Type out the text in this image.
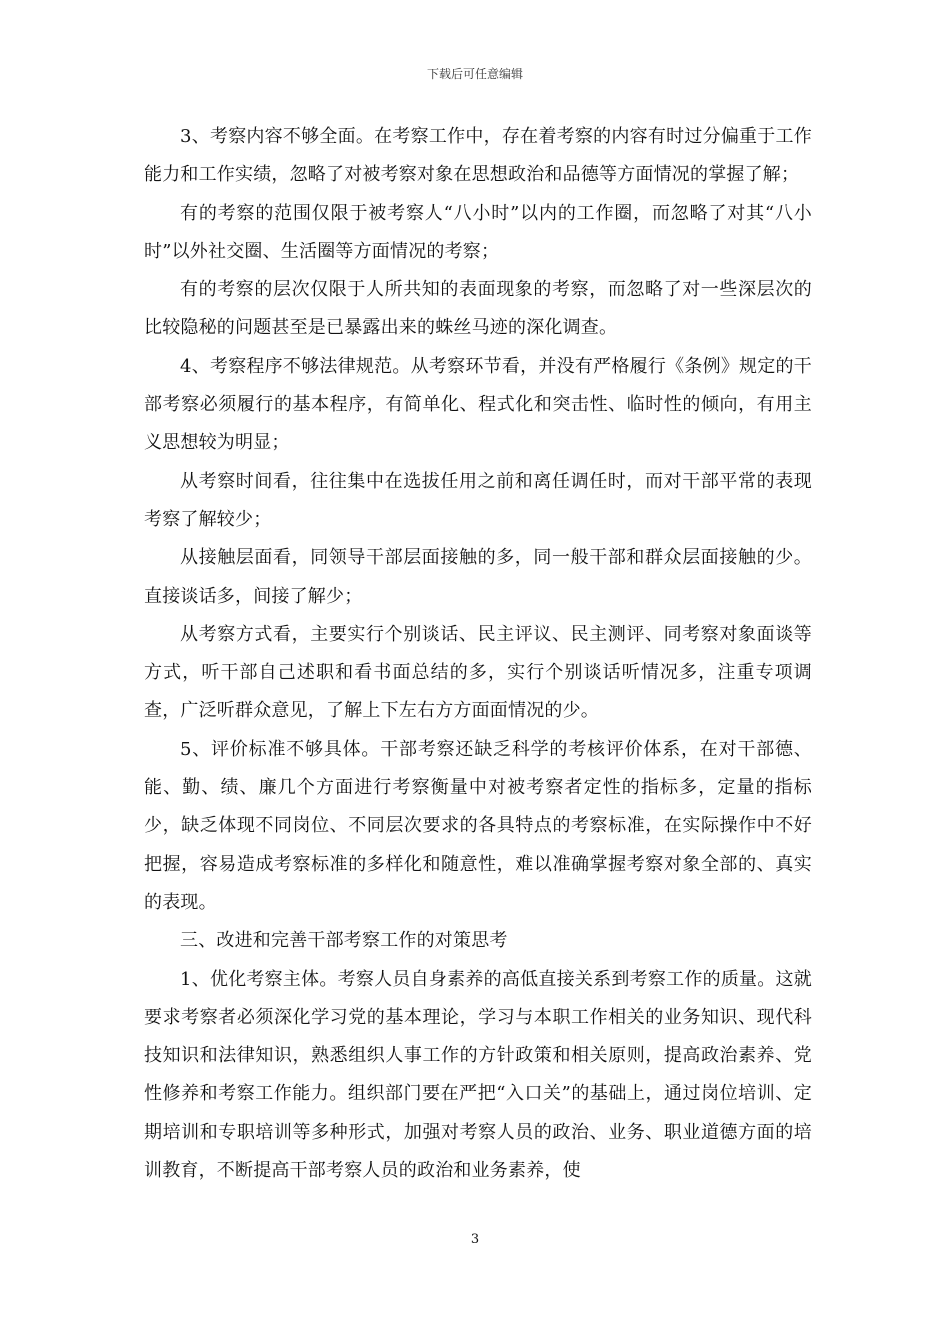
下载后可任意编辑

3、考察内容不够全面。在考察工作中，存在着考察的内容有时过分偏重于工作能力和工作实绩，忽略了对被考察对象在思想政治和品德等方面情况的掌握了解；

有的考察的范围仅限于被考察人“八小时”以内的工作圈，而忽略了对其“八小时”以外社交圈、生活圈等方面情况的考察；

有的考察的层次仅限于人所共知的表面现象的考察，而忽略了对一些深层次的比较隐秘的问题甚至是已暴露出来的蛛丝马迹的深化调查。

4、考察程序不够法律规范。从考察环节看，并没有严格履行《条例》规定的干部考察必须履行的基本程序，有简单化、程式化和突击性、临时性的倾向，有用主义思想较为明显；

从考察时间看，往往集中在选拔任用之前和离任调任时，而对干部平常的表现考察了解较少；

从接触层面看，同领导干部层面接触的多，同一般干部和群众层面接触的少。直接谈话多，间接了解少；

从考察方式看，主要实行个别谈话、民主评议、民主测评、同考察对象面谈等方式，听干部自己述职和看书面总结的多，实行个别谈话听情况多，注重专项调查，广泛听群众意见，了解上下左右方方面面情况的少。

5、评价标准不够具体。干部考察还缺乏科学的考核评价体系，在对干部德、能、勤、绩、廉几个方面进行考察衡量中对被考察者定性的指标多，定量的指标少，缺乏体现不同岗位、不同层次要求的各具特点的考察标准，在实际操作中不好把握，容易造成考察标准的多样化和随意性，难以准确掌握考察对象全部的、真实的表现。

三、改进和完善干部考察工作的对策思考

1、优化考察主体。考察人员自身素养的高低直接关系到考察工作的质量。这就要求考察者必须深化学习党的基本理论，学习与本职工作相关的业务知识、现代科技知识和法律知识，熟悉组织人事工作的方针政策和相关原则，提高政治素养、党性修养和考察工作能力。组织部门要在严把“入口关”的基础上，通过岗位培训、定期培训和专职培训等多种形式，加强对考察人员的政治、业务、职业道德方面的培训教育，不断提高干部考察人员的政治和业务素养，使

3
